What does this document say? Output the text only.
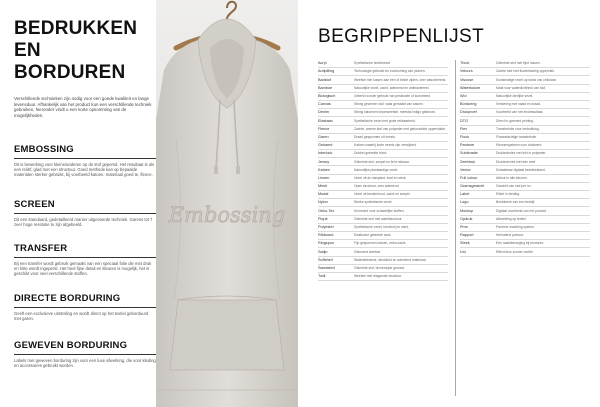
BEDRUKKEN
EN BORDUREN

Verschillende technieken zijn nodig voor een goede kwaliteit en lange levensduur. Afhankelijk van het product kun een verschillende techniek gebruiken, hieronder vindt u een korte opsomming van de mogelijkheden.

EMBOSSING

Dit is bewerking voor kleine/anderen op de stof gepersd. Het resultaat is als een reliëf, glad met een structuur. Goed methode kan op bepaalde materialen sterker gebruikt, bij voorbeeld katoen, materiaal goed te, fleece.

SCREEN

Dit een standaard, gedetailleerd manier uitgevoerde techniek. Garens tot 7 zeer hoge resolutie te zijn afgebeeld.

TRANSFER

Bij een transfer wordt gebruik gemaakt van een speciaal folie die met druk en hitte wordt ingeperst. Het heel fijne detail en kleuren is mogelijk, het is geschikt voor veel verschillende stoffen.

DIRECTE BORDURING

Geeft een exclusieve uitstraling en wordt direct op het textiel geborduurd met garen.

GEWEVEN BORDURING

Labels met geweven borduring zijn voor een luxe afwerking, die voor kleding en accessoires gebruikt worden.

Embossing
BEGRIPPENLIJST
Acryl	Synthetische textielvezel
Antipilling	Technologie gebruikt ter voorkoming van pluizen.
Badstof	Weefsel met lussen aan één of beide zijden, zeer absorberend.
Bamboe	Natuurlijke vezel, zacht, ademend en antibacterieel.
Biologisch	Geteeld zonder gebruik van pesticiden of kunstmest.
Canvas	Stevig geweven stof, vaak gemaakt van katoen.
Denim	Stevig katoenen keperweefsel, meestal indigo gekleurd.
Elastaan	Synthetische vezel met grote rekbaarheid.
Fleece	Zachte, warme stof van polyester met geborstelde oppervlakte.
Garen	Draad gesponnen uit vezels.
Gekamd	Katoen waarbij korte vezels zijn verwijderd.
Interlock	Dubbel gebreide tricot.
Jersey	Gebreide stof, soepel en licht rekbaar.
Katoen	Natuurlijke plantaardige vezel.
Linnen	Vezel uit de vlasplant, koel en sterk.
Mesh	Open structuur, zeer ademend.
Modal	Vezel uit beukenhout, zacht en soepel.
Nylon	Sterke synthetische vezel.
Oeko-Tex	Keurmerk voor schadelijke stoffen.
Piqué	Gebreide stof met wafelstructuur.
Polyester	Synthetische vezel, kreukvrij en sterk.
Ribboord	Elastische gebreide rand.
Ringspun	Fijn gesponnen katoen, extra zacht.
Satijn	Glanzend weefsel.
Softshell	Waterafstotend, winddicht en ademend materiaal.
Sweatstof	Gebreide stof, binnenzijde geruwd.
Twill	Weefsel met diagonale structuur.
Tricot	Gebreide stof met fijne lussen.
Velours	Zachte stof met fluweelachtig oppervlak.
Viscose	Kunstmatige vezel op basis van cellulose.
Waterkolom	Maat voor waterdichtheid van stof.
Wol	Natuurlijke dierlijke vezel.
Borduring	Versiering met naald en draad.
Drukproef	Voorbeeld van het eindresultaat.
DTG	Direct to garment printing.
Flex	Transferfolie voor bedrukking.
Flock	Fluweelachtige transferfolie.
Pantone	Kleurensysteem voor drukwerk.
Sublimatie	Druktechniek met inkt in polyester.
Zeefdruk	Druktechniek met een zeef.
Vector	Schaalbaar digitaal beeldbestand.
Full colour	Afdruk in alle kleuren.
Gramsgewicht	Gewicht van stof per m².
Label	Etiket in kleding.
Logo	Beeldmerk van een bedrijf.
Mockup	Digitaal voorbeeld van het product.
Opdruk	Afbeelding op textiel.
Pms	Pantone matching system.
Rapport	Herhalend patroon.
Steek	Eén naaldbeweging bij borduren.
Uni	Effen kleur zonder motief.
